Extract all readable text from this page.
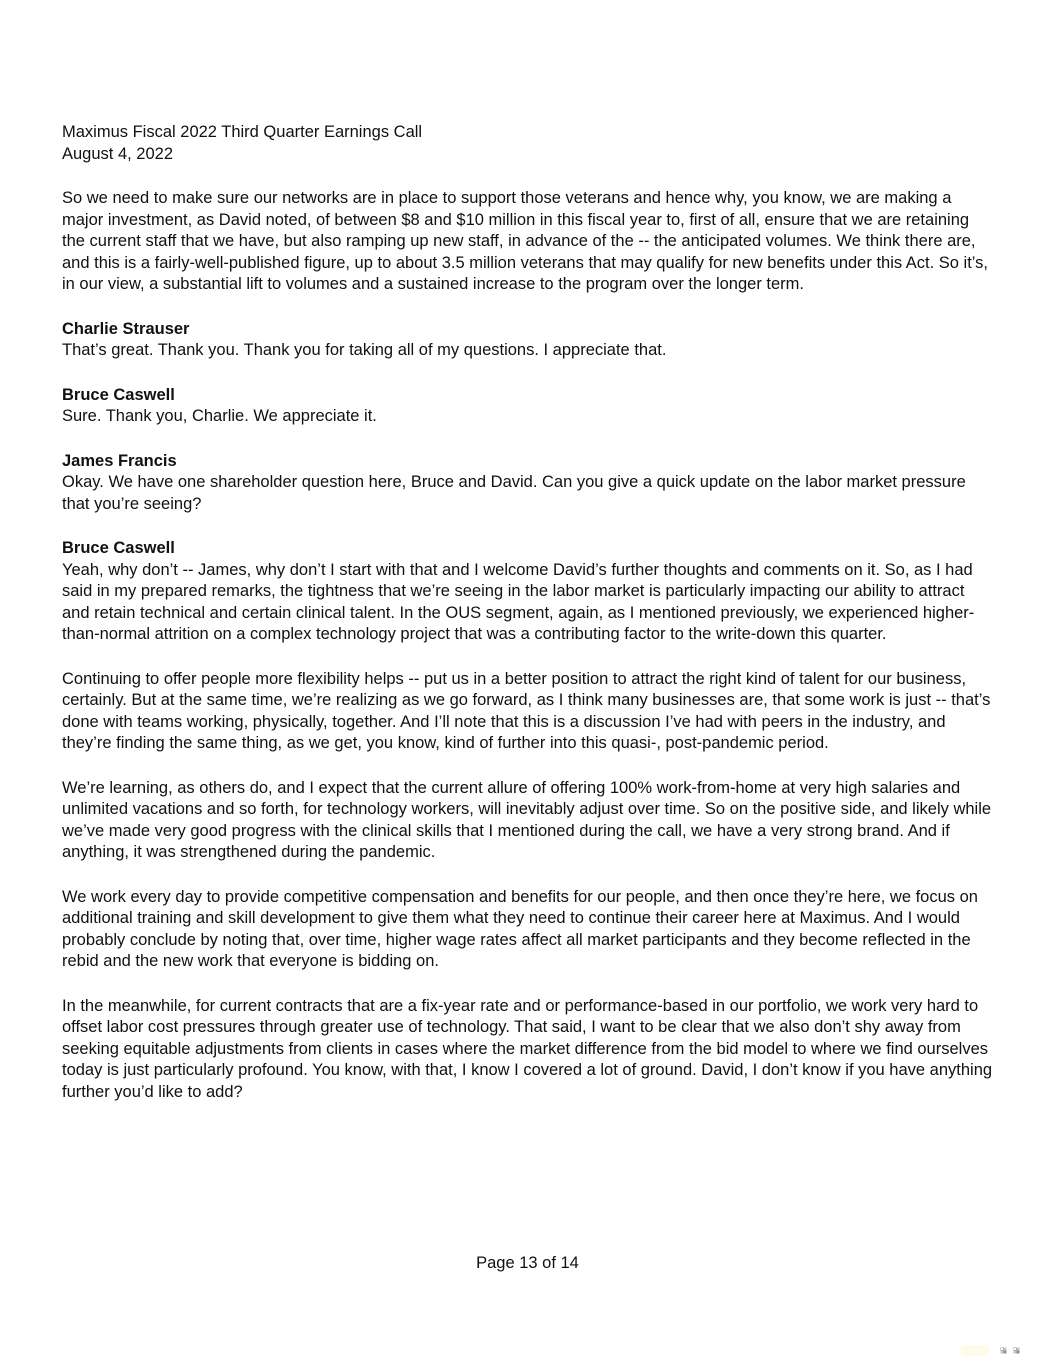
Maximus Fiscal 2022 Third Quarter Earnings Call

August 4, 2022

So we need to make sure our networks are in place to support those veterans and hence why, you know, we are making a major investment, as David noted, of between $8 and $10 million in this fiscal year to, first of all, ensure that we are retaining the current staff that we have, but also ramping up new staff, in advance of the -- the anticipated volumes. We think there are, and this is a fairly-well-published figure, up to about 3.5 million veterans that may qualify for new benefits under this Act. So it’s, in our view, a substantial lift to volumes and a sustained increase to the program over the longer term.

Charlie Strauser

That’s great. Thank you. Thank you for taking all of my questions. I appreciate that.

Bruce Caswell

Sure. Thank you, Charlie. We appreciate it.

James Francis

Okay. We have one shareholder question here, Bruce and David. Can you give a quick update on the labor market pressure that you’re seeing?

Bruce Caswell

Yeah, why don’t -- James, why don’t I start with that and I welcome David’s further thoughts and comments on it. So, as I had said in my prepared remarks, the tightness that we’re seeing in the labor market is particularly impacting our ability to attract and retain technical and certain clinical talent. In the OUS segment, again, as I mentioned previously, we experienced higher-than-normal attrition on a complex technology project that was a contributing factor to the write-down this quarter.

Continuing to offer people more flexibility helps -- put us in a better position to attract the right kind of talent for our business, certainly. But at the same time, we’re realizing as we go forward, as I think many businesses are, that some work is just -- that’s done with teams working, physically, together. And I’ll note that this is a discussion I’ve had with peers in the industry, and they’re finding the same thing, as we get, you know, kind of further into this quasi-, post-pandemic period.

We’re learning, as others do, and I expect that the current allure of offering 100% work-from-home at very high salaries and unlimited vacations and so forth, for technology workers, will inevitably adjust over time. So on the positive side, and likely while we’ve made very good progress with the clinical skills that I mentioned during the call, we have a very strong brand. And if anything, it was strengthened during the pandemic.

We work every day to provide competitive compensation and benefits for our people, and then once they’re here, we focus on additional training and skill development to give them what they need to continue their career here at Maximus. And I would probably conclude by noting that, over time, higher wage rates affect all market participants and they become reflected in the rebid and the new work that everyone is bidding on.

In the meanwhile, for current contracts that are a fix-year rate and or performance-based in our portfolio, we work very hard to offset labor cost pressures through greater use of technology. That said, I want to be clear that we also don’t shy away from seeking equitable adjustments from clients in cases where the market difference from the bid model to where we find ourselves today is just particularly profound. You know, with that, I know I covered a lot of ground. David, I don’t know if you have anything further you’d like to add?

Page 13 of 14
